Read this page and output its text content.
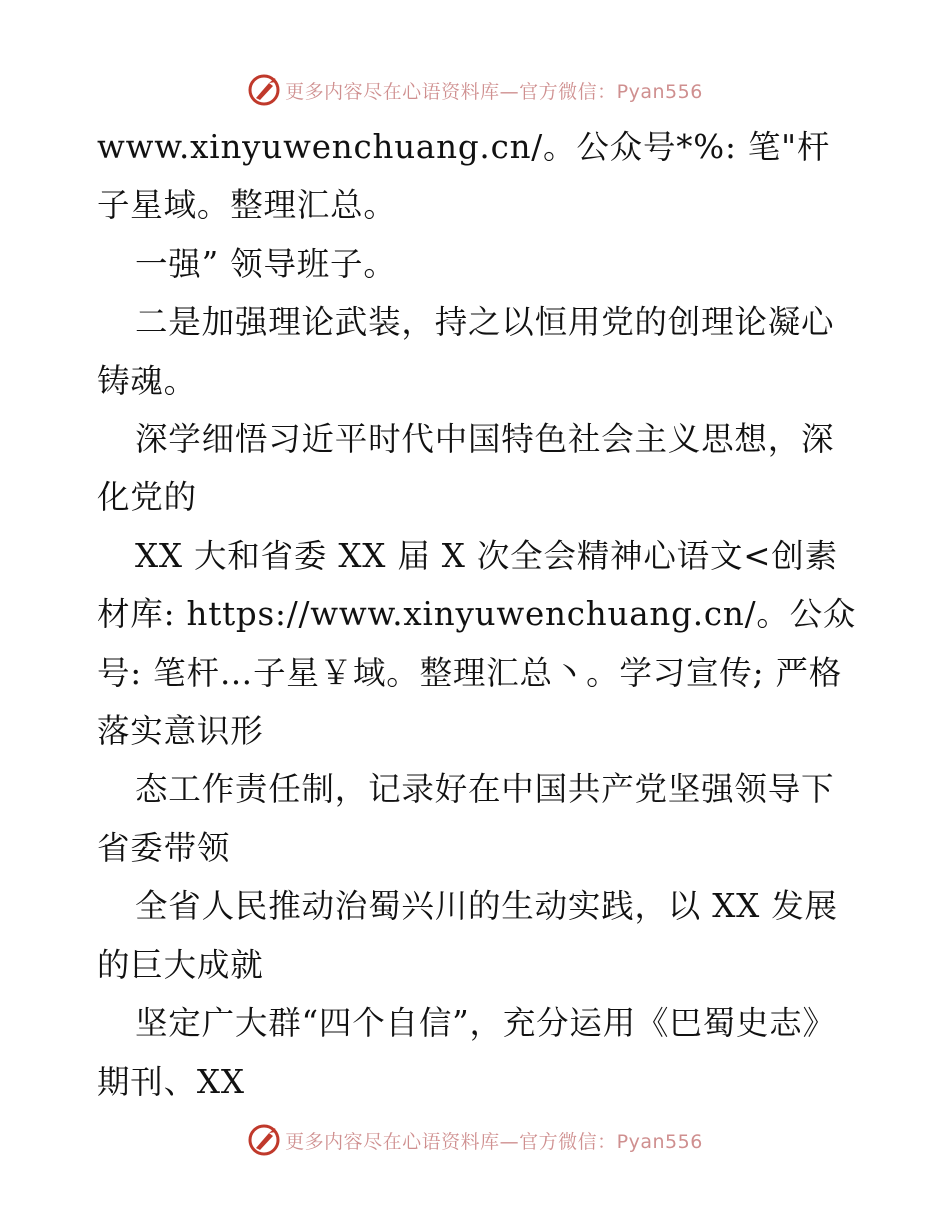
更多内容尽在心语资料库—官方微信：Pyan556

www.xinyuwenchuang.cn/。公众号*%: 笔"杆子星域。整理汇总。

一强” 领导班子。

二是加强理论武装，持之以恒用党的创理论凝心铸魂。

深学细悟习近平时代中国特色社会主义思想，深化党的

XX 大和省委 XX 届 X 次全会精神心语文<创素材库: https://www.xinyuwenchuang.cn/。公众号: 笔杆…子星￥域。整理汇总丶。学习宣传; 严格落实意识形

态工作责任制，记录好在中国共产党坚强领导下省委带领

全省人民推动治蜀兴川的生动实践，以 XX 发展的巨大成就

坚定广大群“四个自信”，充分运用《巴蜀史志》期刊、XX

更多内容尽在心语资料库—官方微信：Pyan556
